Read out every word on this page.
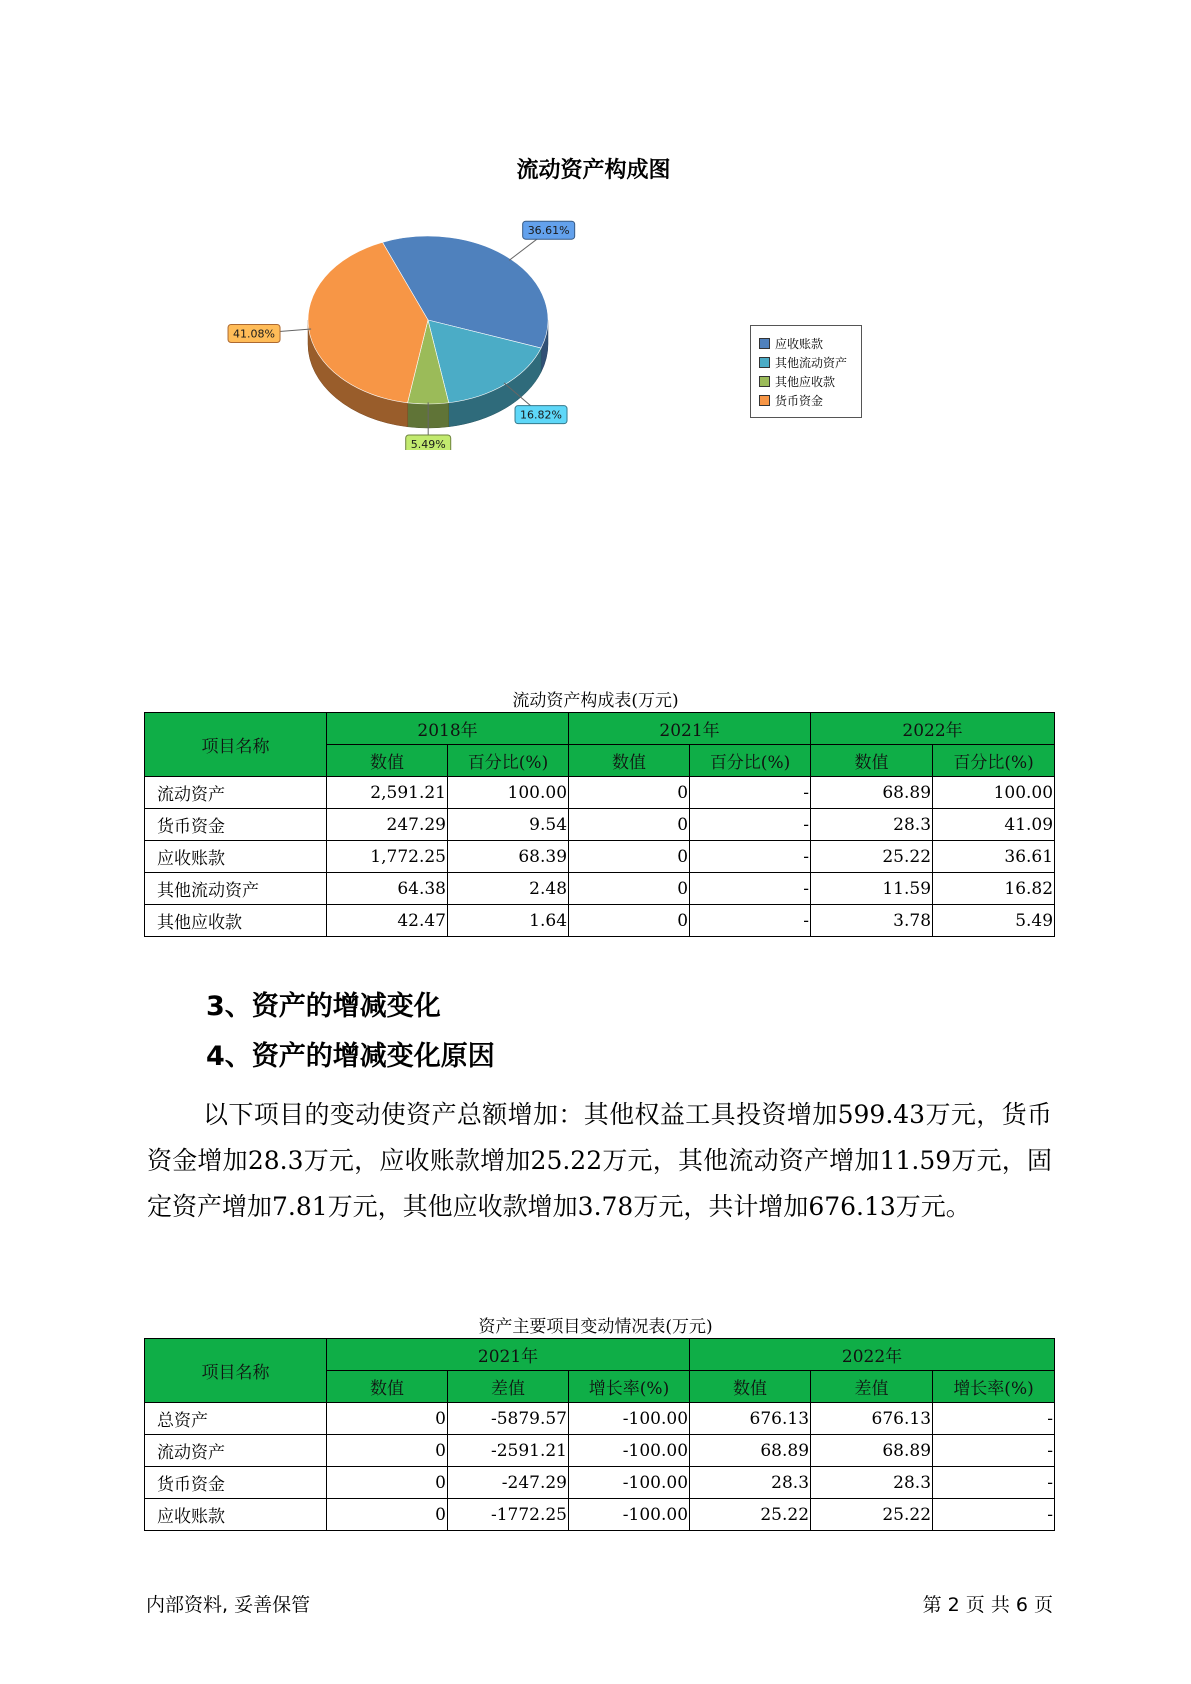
流动资产构成图
36.61%
16.82%
5.49%
41.08%
应收账款
其他流动资产
其他应收款
货币资金
流动资产构成表(万元)
项目名称	2018年		2021年		2022年	
	数值	百分比(%)	数值	百分比(%)	数值	百分比(%)
流动资产	2,591.21	100.00	0	-	68.89	100.00
货币资金	247.29	9.54	0	-	28.3	41.09
应收账款	1,772.25	68.39	0	-	25.22	36.61
其他流动资产	64.38	2.48	0	-	11.59	16.82
其他应收款	42.47	1.64	0	-	3.78	5.49
3、资产的增减变化
4、资产的增减变化原因

以下项目的变动使资产总额增加：其他权益工具投资增加599.43万元，货币资金增加28.3万元，应收账款增加25.22万元，其他流动资产增加11.59万元，固定资产增加7.81万元，其他应收款增加3.78万元，共计增加676.13万元。

资产主要项目变动情况表(万元)
项目名称	2021年			2022年		
	数值	差值	增长率(%)	数值	差值	增长率(%)
总资产	0	-5879.57	-100.00	676.13	676.13	-
流动资产	0	-2591.21	-100.00	68.89	68.89	-
货币资金	0	-247.29	-100.00	28.3	28.3	-
应收账款	0	-1772.25	-100.00	25.22	25.22	-
内部资料, 妥善保管	第 2 页 共 6 页
